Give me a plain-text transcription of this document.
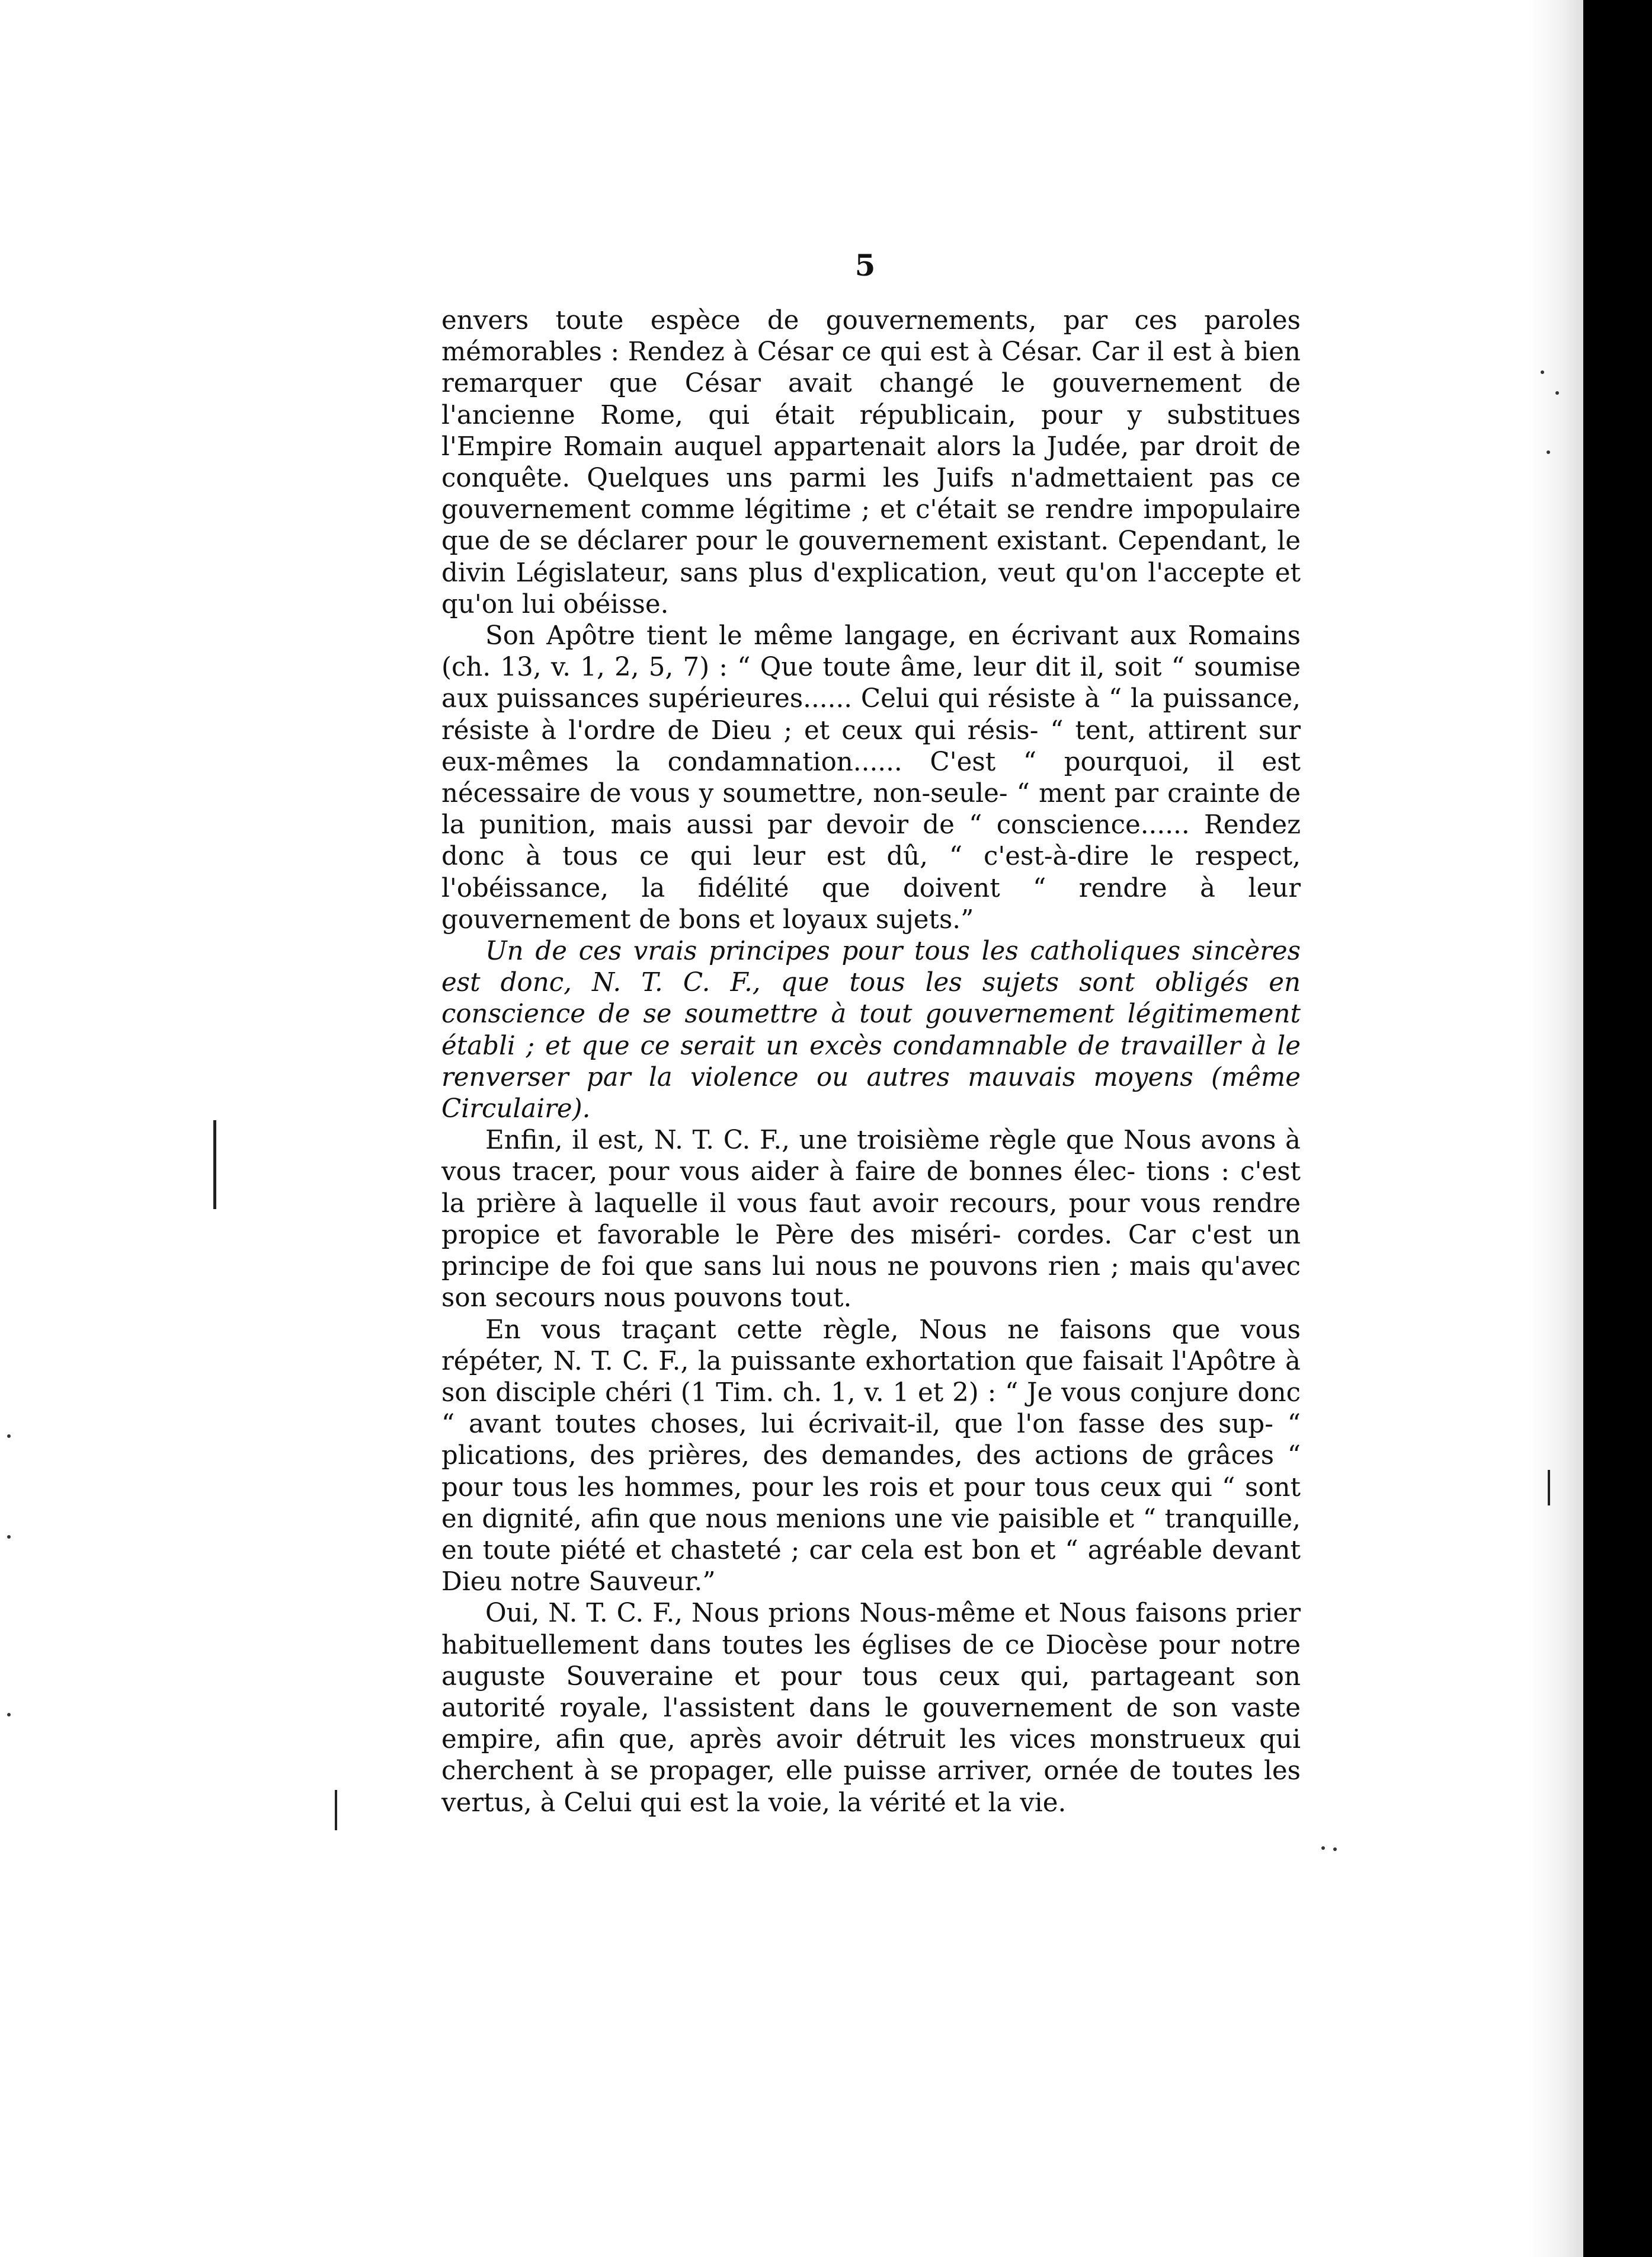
5

envers toute espèce de gouvernements, par ces paroles mémorables : Rendez à César ce qui est à César. Car il est à bien remarquer que César avait changé le gouvernement de l'ancienne Rome, qui était républicain, pour y substitues l'Empire Romain auquel appartenait alors la Judée, par droit de conquête. Quelques uns parmi les Juifs n'admettaient pas ce gouvernement comme légitime ; et c'était se rendre impopulaire que de se déclarer pour le gouvernement existant. Cependant, le divin Législateur, sans plus d'explication, veut qu'on l'accepte et qu'on lui obéisse.

Son Apôtre tient le même langage, en écrivant aux Romains (ch. 13, v. 1, 2, 5, 7) : “ Que toute âme, leur dit il, soit “ soumise aux puissances supérieures...... Celui qui résiste à “ la puissance, résiste à l'ordre de Dieu ; et ceux qui résis- “ tent, attirent sur eux-mêmes la condamnation...... C'est “ pourquoi, il est nécessaire de vous y soumettre, non-seule- “ ment par crainte de la punition, mais aussi par devoir de “ conscience...... Rendez donc à tous ce qui leur est dû, “ c'est-à-dire le respect, l'obéissance, la fidélité que doivent “ rendre à leur gouvernement de bons et loyaux sujets.”

Un de ces vrais principes pour tous les catholiques sincères est donc, N. T. C. F., que tous les sujets sont obligés en conscience de se soumettre à tout gouvernement légitimement établi ; et que ce serait un excès condamnable de travailler à le renverser par la violence ou autres mauvais moyens (même Circulaire).

Enfin, il est, N. T. C. F., une troisième règle que Nous avons à vous tracer, pour vous aider à faire de bonnes élec- tions : c'est la prière à laquelle il vous faut avoir recours, pour vous rendre propice et favorable le Père des miséri- cordes. Car c'est un principe de foi que sans lui nous ne pouvons rien ; mais qu'avec son secours nous pouvons tout.

En vous traçant cette règle, Nous ne faisons que vous répéter, N. T. C. F., la puissante exhortation que faisait l'Apôtre à son disciple chéri (1 Tim. ch. 1, v. 1 et 2) : “ Je vous conjure donc “ avant toutes choses, lui écrivait-il, que l'on fasse des sup- “ plications, des prières, des demandes, des actions de grâces “ pour tous les hommes, pour les rois et pour tous ceux qui “ sont en dignité, afin que nous menions une vie paisible et “ tranquille, en toute piété et chasteté ; car cela est bon et “ agréable devant Dieu notre Sauveur.”

Oui, N. T. C. F., Nous prions Nous-même et Nous faisons prier habituellement dans toutes les églises de ce Diocèse pour notre auguste Souveraine et pour tous ceux qui, partageant son autorité royale, l'assistent dans le gouvernement de son vaste empire, afin que, après avoir détruit les vices monstrueux qui cherchent à se propager, elle puisse arriver, ornée de toutes les vertus, à Celui qui est la voie, la vérité et la vie.
